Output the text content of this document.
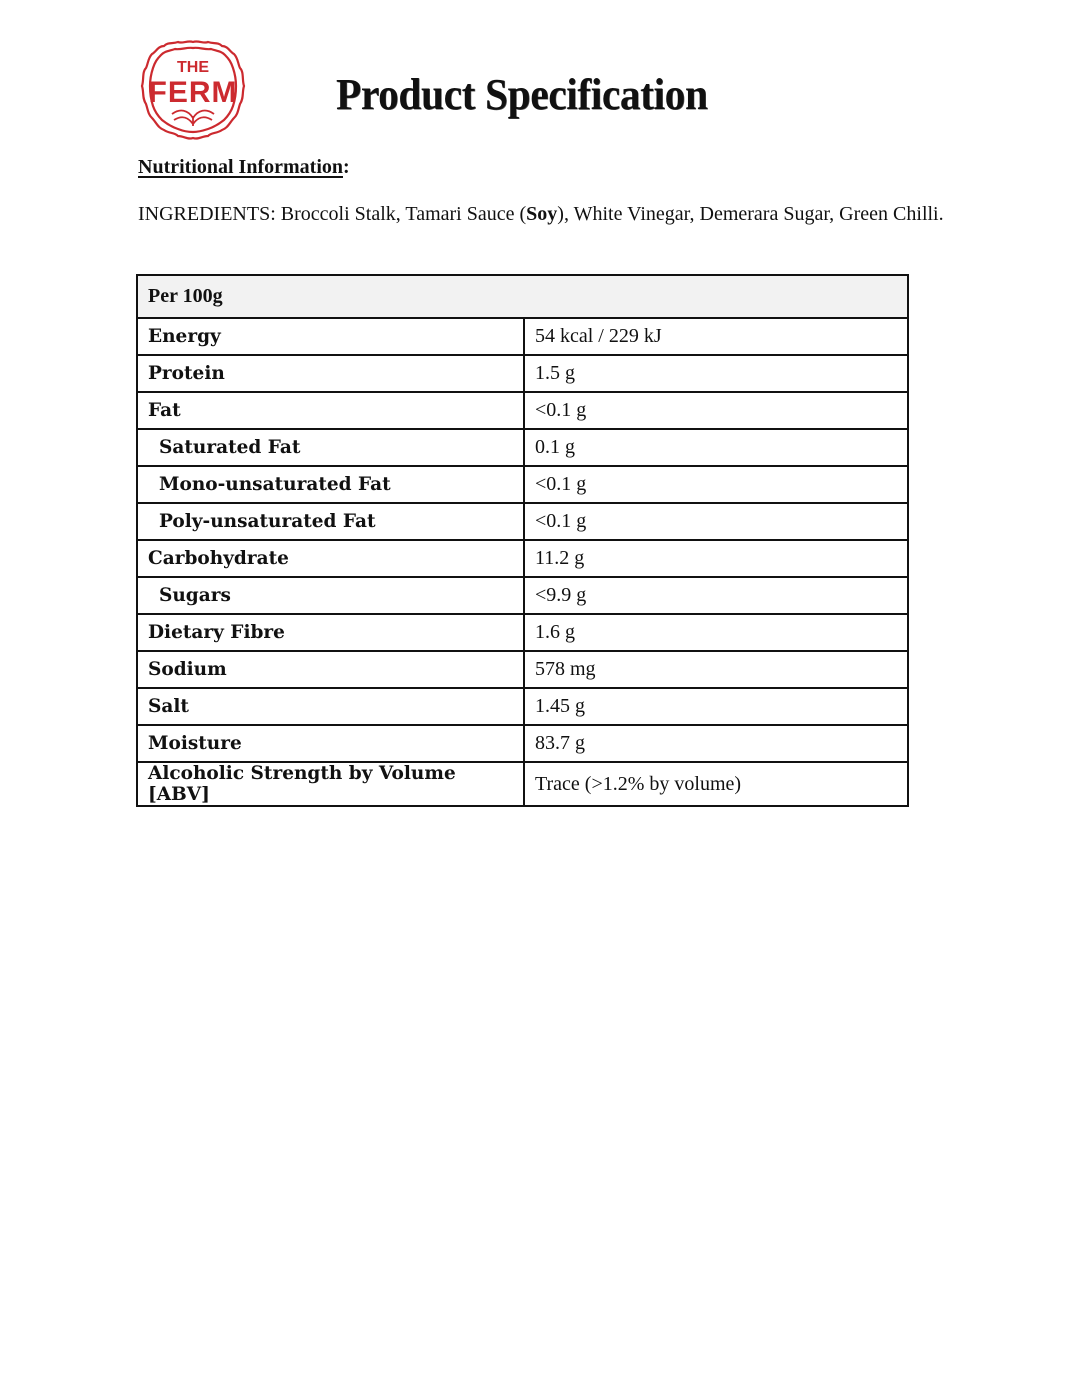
THE
FERM Product Specification
Nutritional Information:
INGREDIENTS: Broccoli Stalk, Tamari Sauce (Soy), White Vinegar, Demerara Sugar, Green Chilli.
Per 100g	
Energy	54 kcal / 229 kJ
Protein	1.5 g
Fat	<0.1 g
Saturated Fat	0.1 g
Mono-unsaturated Fat	<0.1 g
Poly-unsaturated Fat	<0.1 g
Carbohydrate	11.2 g
Sugars	<9.9 g
Dietary Fibre	1.6 g
Sodium	578 mg
Salt	1.45 g
Moisture	83.7 g
Alcoholic Strength by Volume [ABV]	Trace (>1.2% by volume)
